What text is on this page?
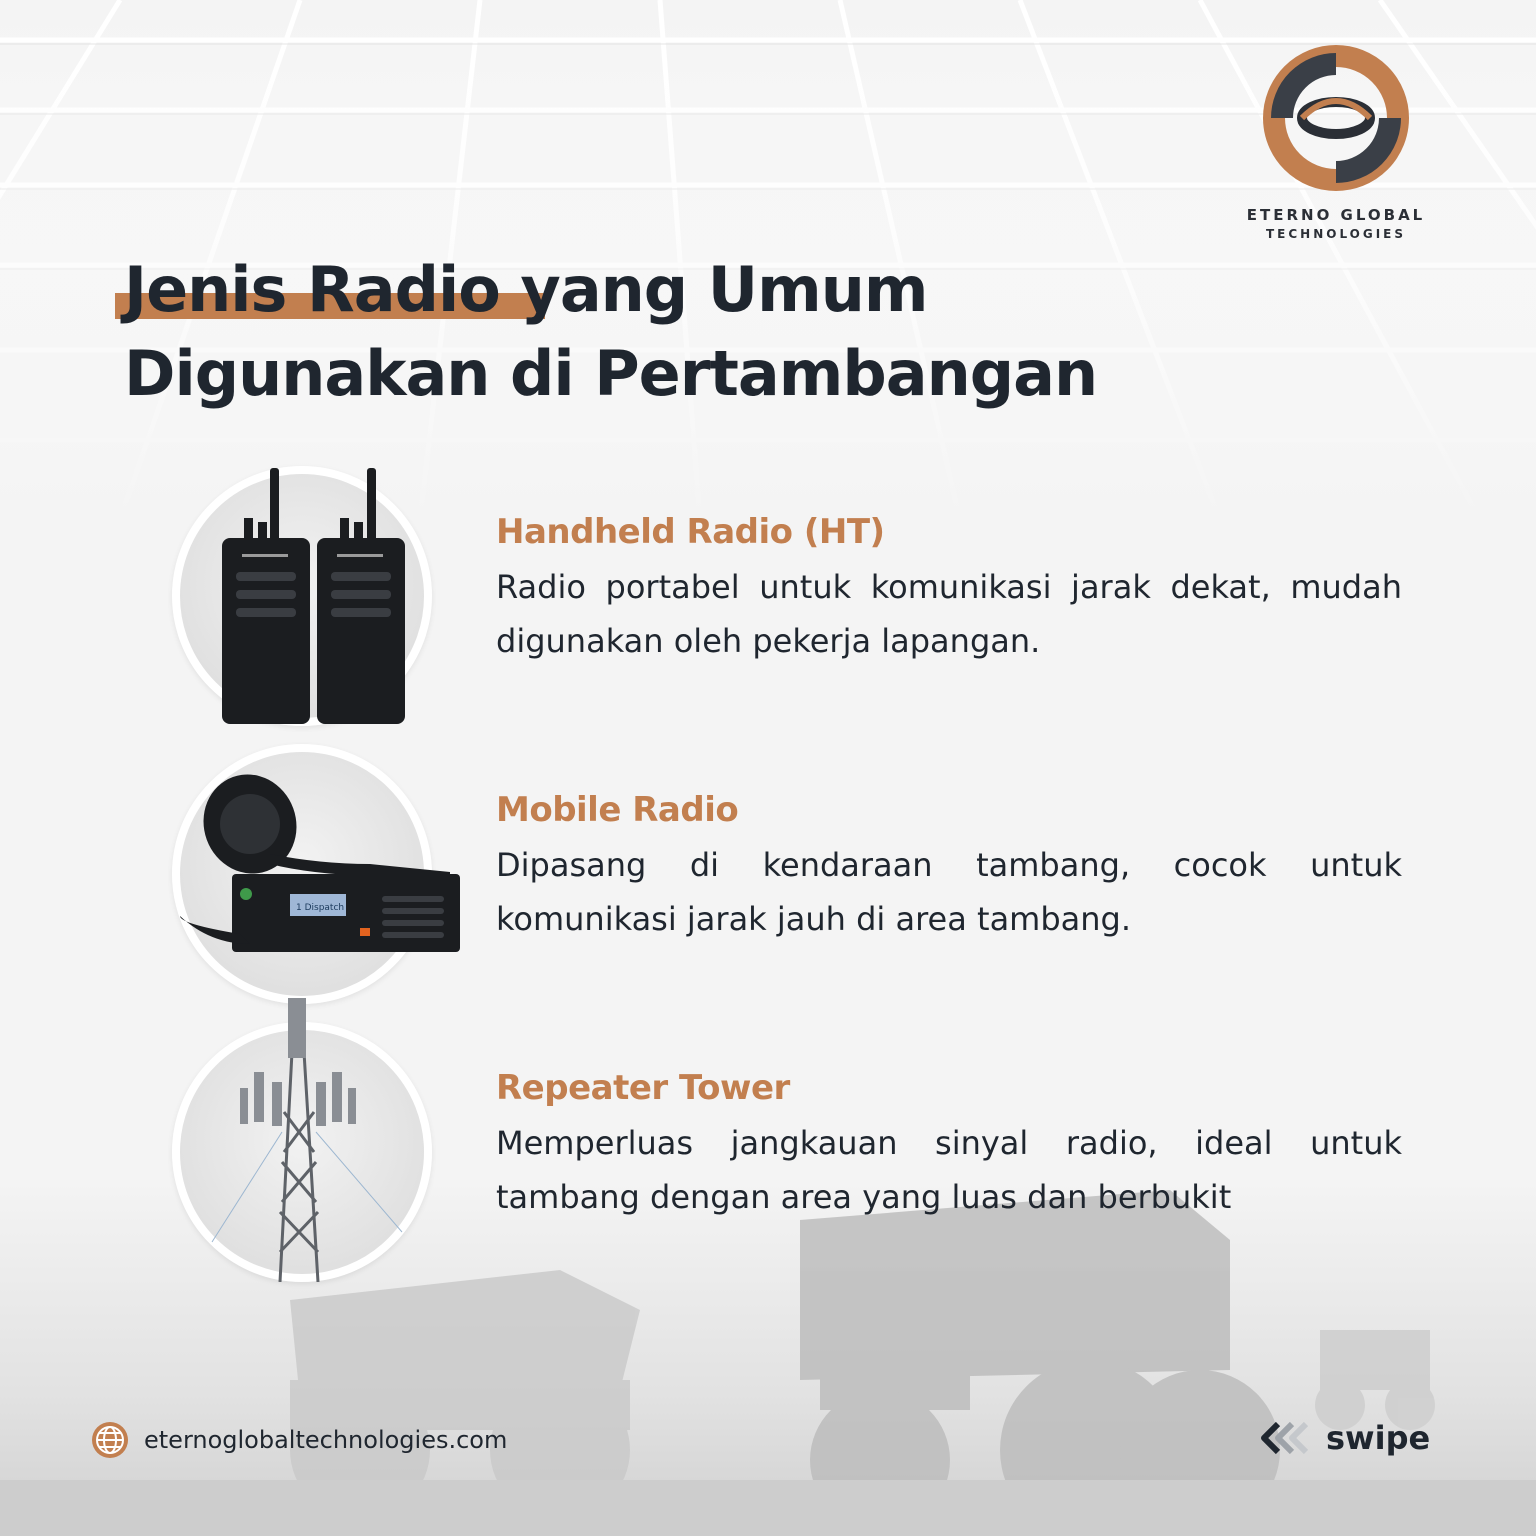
ETERNO GLOBAL
TECHNOLOGIES
Jenis Radio yang Umum
Digunakan di Pertambangan
Handheld Radio (HT)
Radio portabel untuk komunikasi jarak dekat, mudah digunakan oleh pekerja lapangan.
1 Dispatch
Mobile Radio
Dipasang di kendaraan tambang, cocok untuk komunikasi jarak jauh di area tambang.
Repeater Tower
Memperluas jangkauan sinyal radio, ideal untuk tambang dengan area yang luas dan berbukit
eternoglobaltechnologies.com	swipe
